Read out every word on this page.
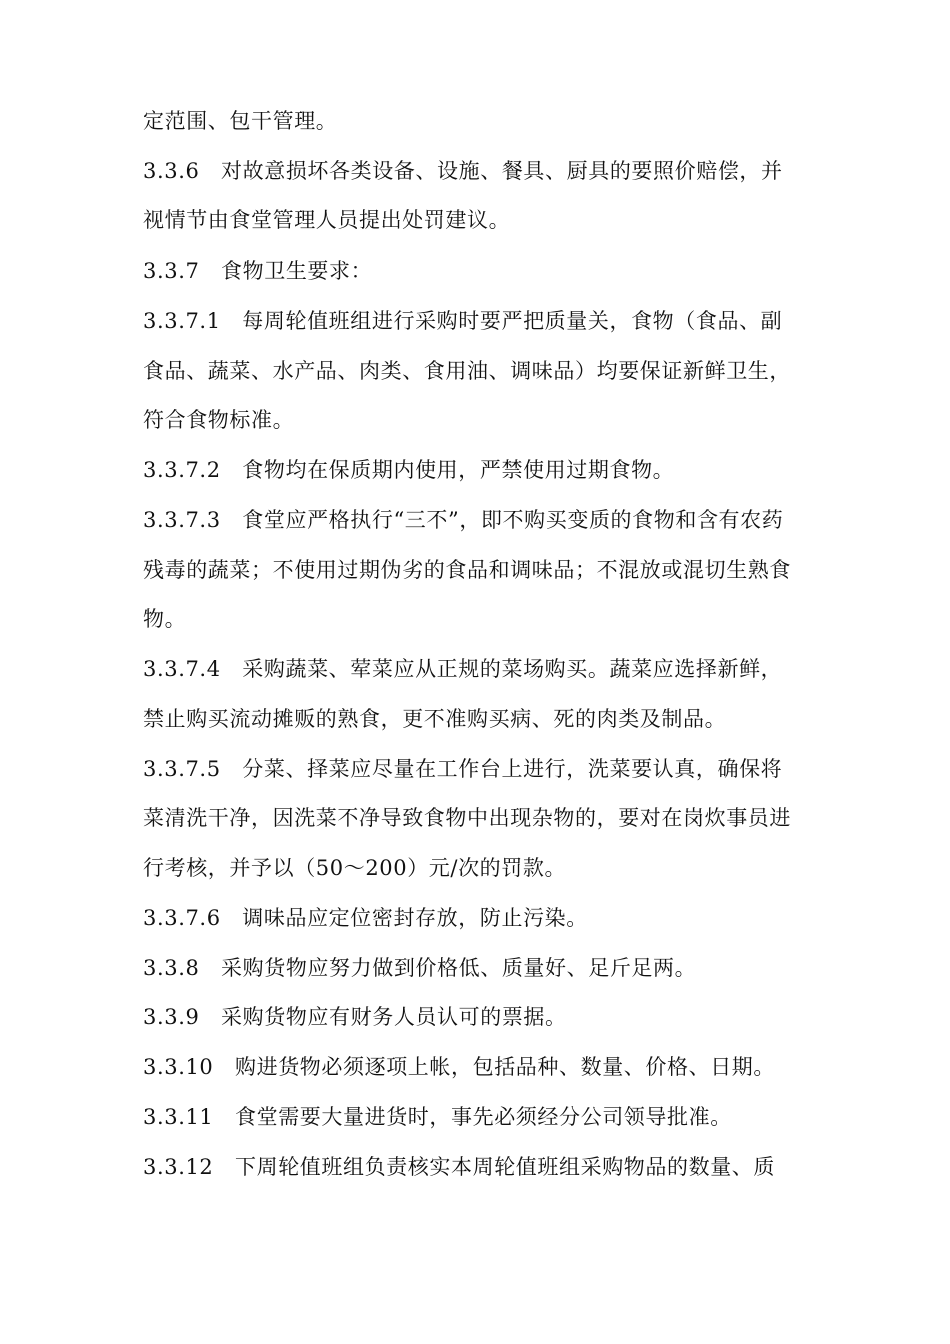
定范围、包干管理。
3.3.6　对故意损坏各类设备、设施、餐具、厨具的要照价赔偿，并
视情节由食堂管理人员提出处罚建议。
3.3.7　食物卫生要求：
3.3.7.1　每周轮值班组进行采购时要严把质量关，食物（食品、副
食品、蔬菜、水产品、肉类、食用油、调味品）均要保证新鲜卫生，
符合食物标准。
3.3.7.2　食物均在保质期内使用，严禁使用过期食物。
3.3.7.3　食堂应严格执行“三不”，即不购买变质的食物和含有农药
残毒的蔬菜；不使用过期伪劣的食品和调味品；不混放或混切生熟食
物。
3.3.7.4　采购蔬菜、荤菜应从正规的菜场购买。蔬菜应选择新鲜，
禁止购买流动摊贩的熟食，更不准购买病、死的肉类及制品。
3.3.7.5　分菜、择菜应尽量在工作台上进行，洗菜要认真，确保将
菜清洗干净，因洗菜不净导致食物中出现杂物的，要对在岗炊事员进
行考核，并予以（50～200）元/次的罚款。
3.3.7.6　调味品应定位密封存放，防止污染。
3.3.8　采购货物应努力做到价格低、质量好、足斤足两。
3.3.9　采购货物应有财务人员认可的票据。
3.3.10　购进货物必须逐项上帐，包括品种、数量、价格、日期。
3.3.11　食堂需要大量进货时，事先必须经分公司领导批准。
3.3.12　下周轮值班组负责核实本周轮值班组采购物品的数量、质
